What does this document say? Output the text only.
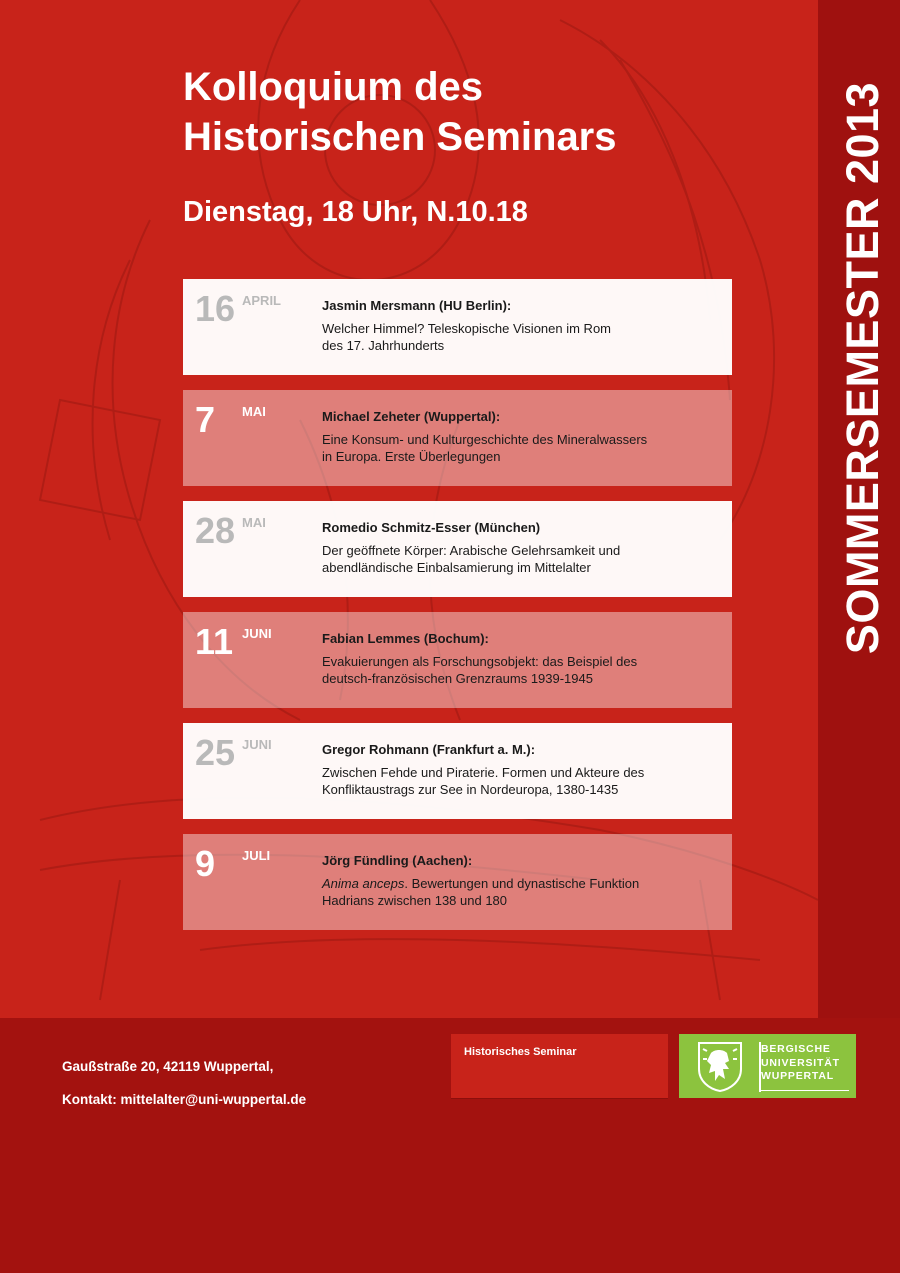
Kolloquium des
Historischen Seminars

Dienstag, 18 Uhr, N.10.18

16 APRIL	Jasmin Mersmann (HU Berlin):
Welcher Himmel? Teleskopische Visionen im Rom
des 17. Jahrhunderts
7 MAI	Michael Zeheter (Wuppertal):
Eine Konsum- und Kulturgeschichte des Mineralwassers
in Europa. Erste Überlegungen
28 MAI	Romedio Schmitz-Esser (München)
Der geöffnete Körper: Arabische Gelehrsamkeit und
abendländische Einbalsamierung im Mittelalter
11 JUNI	Fabian Lemmes (Bochum):
Evakuierungen als Forschungsobjekt: das Beispiel des
deutsch-französischen Grenzraums 1939-1945
25 JUNI	Gregor Rohmann (Frankfurt a. M.):
Zwischen Fehde und Piraterie. Formen und Akteure des
Konfliktaustrags zur See in Nordeuropa, 1380-1435
9 JULI	Jörg Fündling (Aachen):
Anima anceps. Bewertungen und dynastische Funktion
Hadrians zwischen 138 und 180
SOMMERSEMESTER 2013
Gaußstraße 20, 42119 Wuppertal,
Kontakt: mittelalter@uni-wuppertal.de
Historisches Seminar	BERGISCHE
UNIVERSITÄT
WUPPERTAL
